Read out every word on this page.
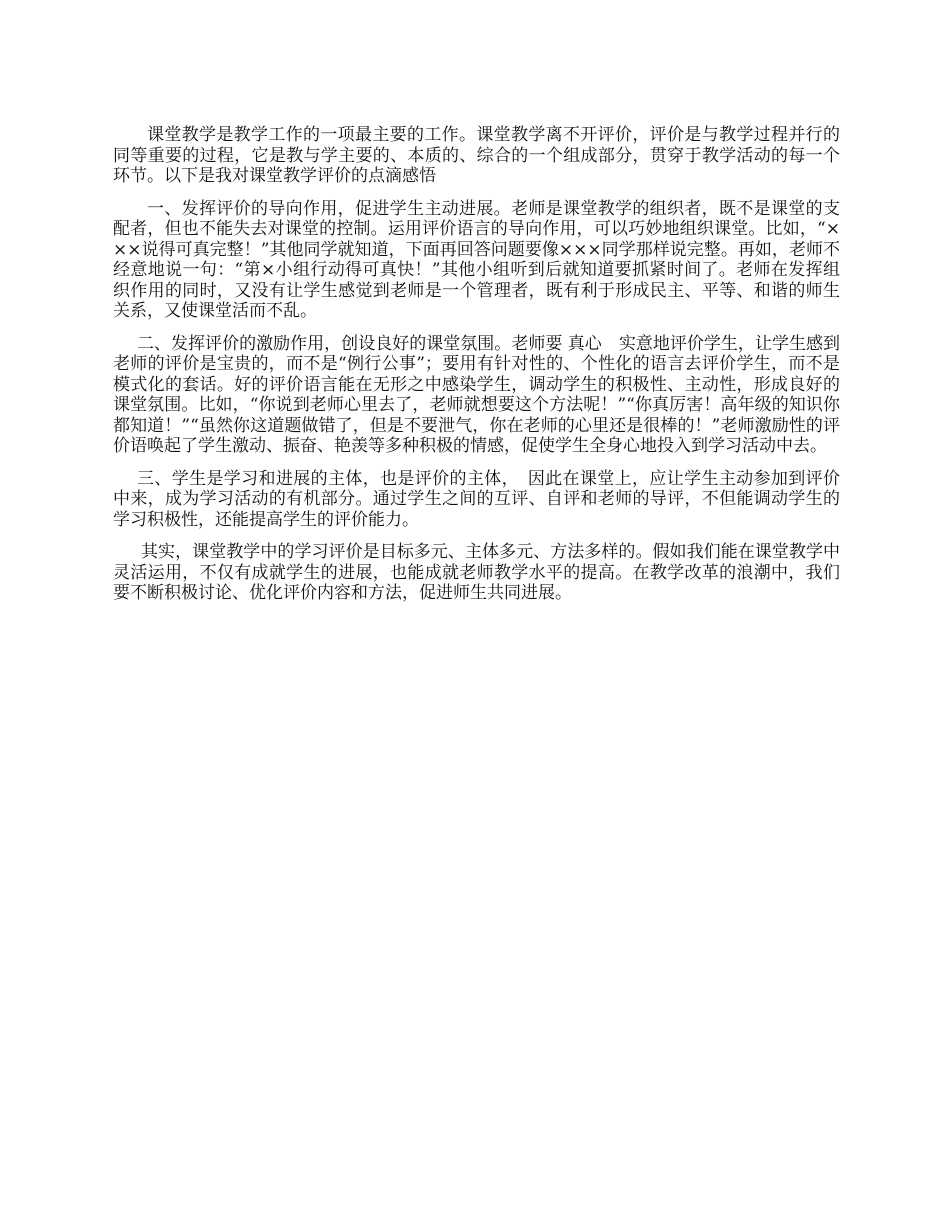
课堂教学是教学工作的一项最主要的工作。课堂教学离不开评价，评价是与教学过程并行的同等重要的过程，它是教与学主要的、本质的、综合的一个组成部分，贯穿于教学活动的每一个环节。以下是我对课堂教学评价的点滴感悟

一、发挥评价的导向作用，促进学生主动进展。老师是课堂教学的组织者，既不是课堂的支配者，但也不能失去对课堂的控制。运用评价语言的导向作用，可以巧妙地组织课堂。比如，“×××说得可真完整！”其他同学就知道，下面再回答问题要像×××同学那样说完整。再如，老师不经意地说一句：“第×小组行动得可真快！”其他小组听到后就知道要抓紧时间了。老师在发挥组织作用的同时，又没有让学生感觉到老师是一个管理者，既有利于形成民主、平等、和谐的师生关系，又使课堂活而不乱。

二、发挥评价的激励作用，创设良好的课堂氛围。老师要 真心　实意地评价学生，让学生感到老师的评价是宝贵的，而不是“例行公事”；要用有针对性的、个性化的语言去评价学生，而不是模式化的套话。好的评价语言能在无形之中感染学生，调动学生的积极性、主动性，形成良好的课堂氛围。比如，“你说到老师心里去了，老师就想要这个方法呢！”“你真厉害！高年级的知识你都知道！”“虽然你这道题做错了，但是不要泄气，你在老师的心里还是很棒的！”老师激励性的评价语唤起了学生激动、振奋、艳羡等多种积极的情感，促使学生全身心地投入到学习活动中去。

三、学生是学习和进展的主体，也是评价的主体，　因此在课堂上，应让学生主动参加到评价中来，成为学习活动的有机部分。通过学生之间的互评、自评和老师的导评，不但能调动学生的学习积极性，还能提高学生的评价能力。

其实，课堂教学中的学习评价是目标多元、主体多元、方法多样的。假如我们能在课堂教学中灵活运用，不仅有成就学生的进展，也能成就老师教学水平的提高。在教学改革的浪潮中，我们要不断积极讨论、优化评价内容和方法，促进师生共同进展。
